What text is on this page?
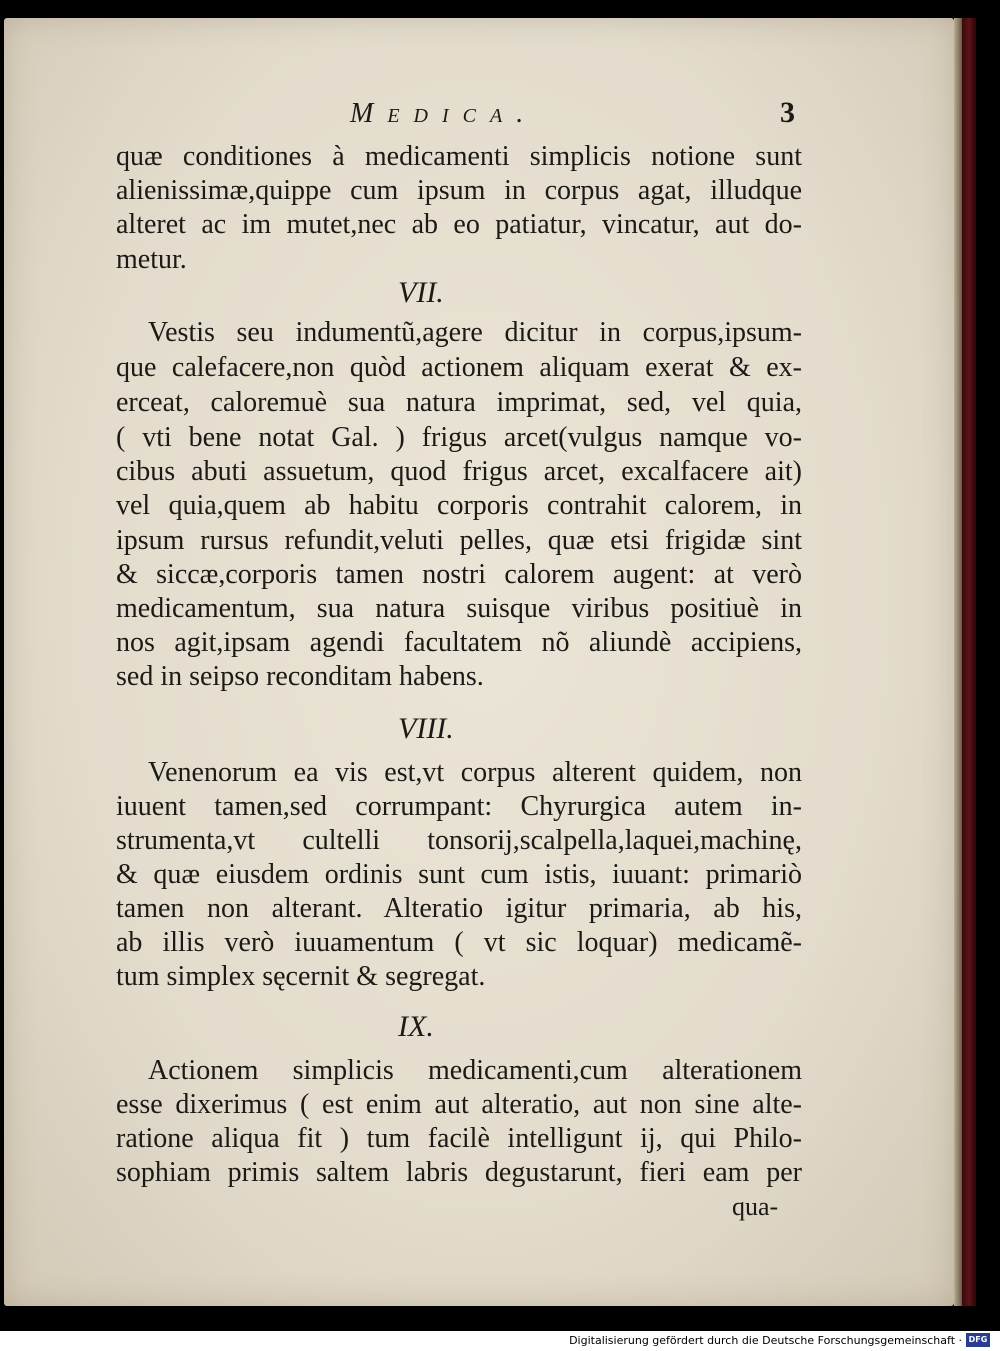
Medica.	3
quæ conditiones à medicamenti simplicis notione sunt
alienissimæ,quippe cum ipsum in corpus agat, illudque
alteret ac im mutet,nec ab eo patiatur, vincatur, aut do-
metur.
VII.
Vestis seu indumentũ,agere dicitur in corpus,ipsum-
que calefacere,non quòd actionem aliquam exerat & ex-
erceat, caloremuè sua natura imprimat, sed, vel quia,
( vti bene notat Gal. ) frigus arcet(vulgus namque vo-
cibus abuti assuetum, quod frigus arcet, excalfacere ait)
vel quia,quem ab habitu corporis contrahit calorem, in
ipsum rursus refundit,veluti pelles, quæ etsi frigidæ sint
& siccæ,corporis tamen nostri calorem augent: at verò
medicamentum, sua natura suisque viribus positiuè in
nos agit,ipsam agendi facultatem nõ aliundè accipiens,
sed in seipso reconditam habens.
VIII.
Venenorum ea vis est,vt corpus alterent quidem, non
iuuent tamen,sed corrumpant: Chyrurgica autem in-
strumenta,vt cultelli tonsorij,scalpella,laquei,machinę,
& quæ eiusdem ordinis sunt cum istis, iuuant: primariò
tamen non alterant. Alteratio igitur primaria, ab his,
ab illis verò iuuamentum ( vt sic loquar) medicamẽ-
tum simplex sęcernit & segregat.
IX.
Actionem simplicis medicamenti,cum alterationem
esse dixerimus ( est enim aut alteratio, aut non sine alte-
ratione aliqua fit ) tum facilè intelligunt ij, qui Philo-
sophiam primis saltem labris degustarunt, fieri eam per
qua-
Digitalisierung gefördert durch die Deutsche Forschungsgemeinschaft · DFG
